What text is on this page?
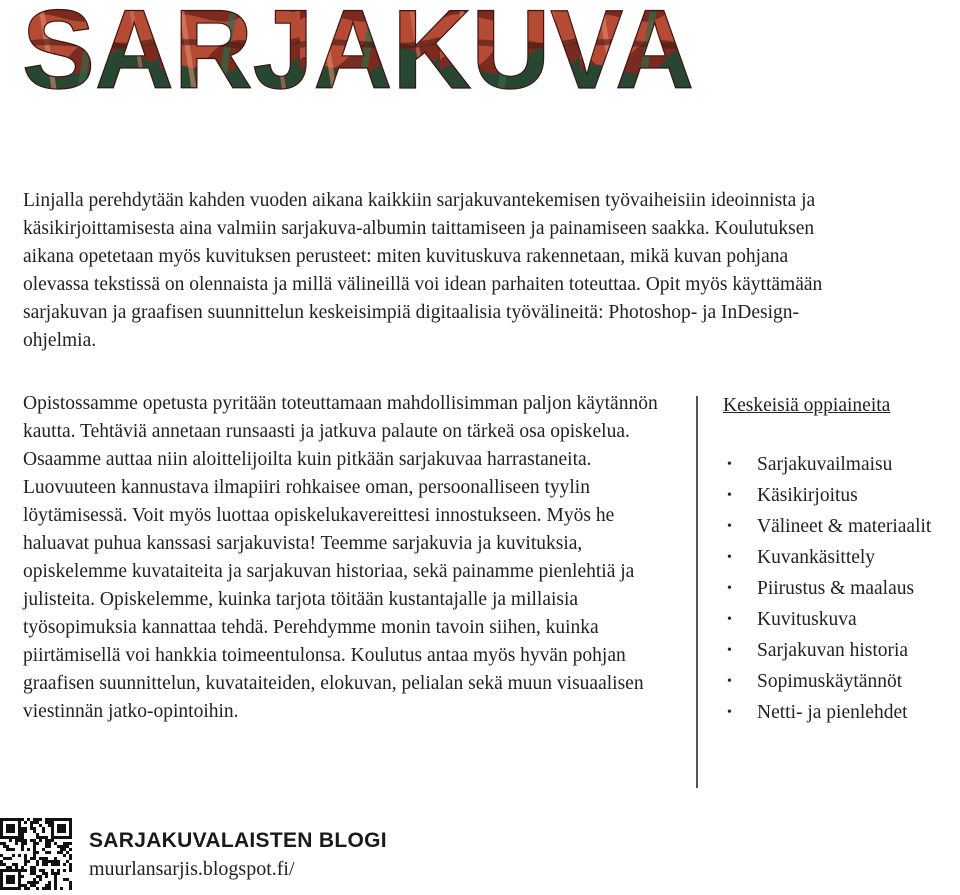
SARJAKUVA

Linjalla perehdytään kahden vuoden aikana kaikkiin sarjakuvantekemisen työvaiheisiin ideoinnista ja käsikirjoittamisesta aina valmiin sarjakuva-albumin taittamiseen ja painamiseen saakka. Koulutuksen aikana opetetaan myös kuvituksen perusteet: miten kuvituskuva rakennetaan, mikä kuvan pohjana olevassa tekstissä on olennaista ja millä välineillä voi idean parhaiten toteuttaa. Opit myös käyttämään sarjakuvan ja graafisen suunnittelun keskeisimpiä digitaalisia työvälineitä: Photoshop- ja InDesign- ohjelmia.

Opistossamme opetusta pyritään toteuttamaan mahdollisimman paljon käytännön kautta. Tehtäviä annetaan runsaasti ja jatkuva palaute on tärkeä osa opiskelua. Osaamme auttaa niin aloittelijoilta kuin pitkään sarjakuvaa harrastaneita. Luovuuteen kannustava ilmapiiri rohkaisee oman, persoonalliseen tyylin löytämisessä. Voit myös luottaa opiskelukavereittesi innostukseen. Myös he haluavat puhua kanssasi sarjakuvista! Teemme sarjakuvia ja kuvituksia, opiskelemme kuvataiteita ja sarjakuvan historiaa, sekä painamme pienlehtiä ja julisteita. Opiskelemme, kuinka tarjota töitään kustantajalle ja millaisia työsopimuksia kannattaa tehdä. Perehdymme monin tavoin siihen, kuinka piirtämisellä voi hankkia toimeentulonsa. Koulutus antaa myös hyvän pohjan graafisen suunnittelun, kuvataiteiden, elokuvan, pelialan sekä muun visuaalisen viestinnän jatko-opintoihin.

Keskeisiä oppiaineita
• Sarjakuvailmaisu
• Käsikirjoitus
• Välineet & materiaalit
• Kuvankäsittely
• Piirustus & maalaus
• Kuvituskuva
• Sarjakuvan historia
• Sopimuskäytännöt
• Netti- ja pienlehdet
SARJAKUVALAISTEN BLOGI
muurlansarjis.blogspot.fi/
